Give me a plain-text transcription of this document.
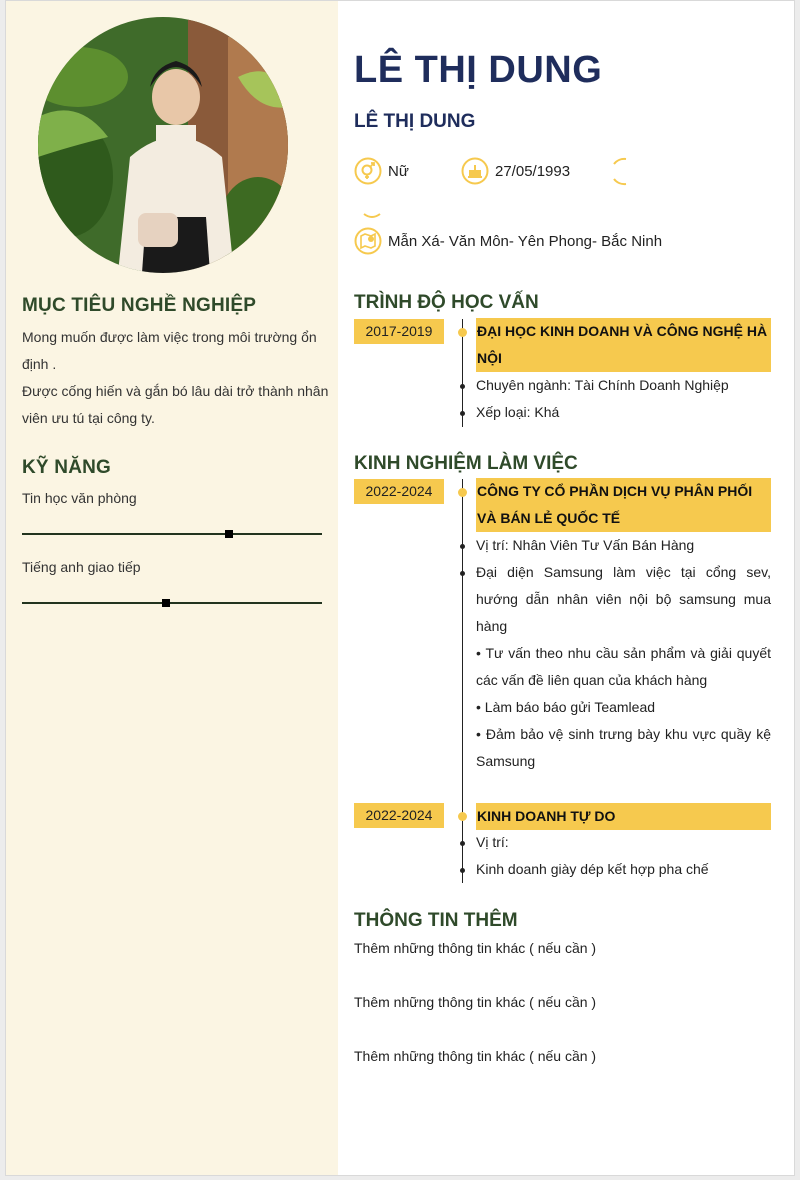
MỤC TIÊU NGHỀ NGHIỆP
Mong muốn được làm việc trong môi trường ổn định .
Được cống hiến và gắn bó lâu dài trở thành nhân viên ưu tú tại công ty.
KỸ NĂNG
Tin học văn phòng
Tiếng anh giao tiếp
LÊ THỊ DUNG
LÊ THỊ DUNG
Nữ	27/05/1993
Mẫn Xá- Văn Môn- Yên Phong- Bắc Ninh
TRÌNH ĐỘ HỌC VẤN
2017-2019	ĐẠI HỌC KINH DOANH VÀ CÔNG NGHỆ HÀ NỘI
Chuyên ngành: Tài Chính Doanh Nghiệp
Xếp loại: Khá
KINH NGHIỆM LÀM VIỆC
2022-2024	CÔNG TY CỔ PHẦN DỊCH VỤ PHÂN PHỐI VÀ BÁN LẺ QUỐC TẾ
Vị trí: Nhân Viên Tư Vấn Bán Hàng
Đại diện Samsung làm việc tại cổng sev, hướng dẫn nhân viên nội bộ samsung mua hàng
• Tư vấn theo nhu cầu sản phẩm và giải quyết các vấn đề liên quan của khách hàng
• Làm báo báo gửi Teamlead
• Đảm bảo vệ sinh trưng bày khu vực quầy kệ Samsung
2022-2024	KINH DOANH TỰ DO
Vị trí:
Kinh doanh giày dép kết hợp pha chế
THÔNG TIN THÊM
Thêm những thông tin khác ( nếu cần )
Thêm những thông tin khác ( nếu cần )
Thêm những thông tin khác ( nếu cần )
